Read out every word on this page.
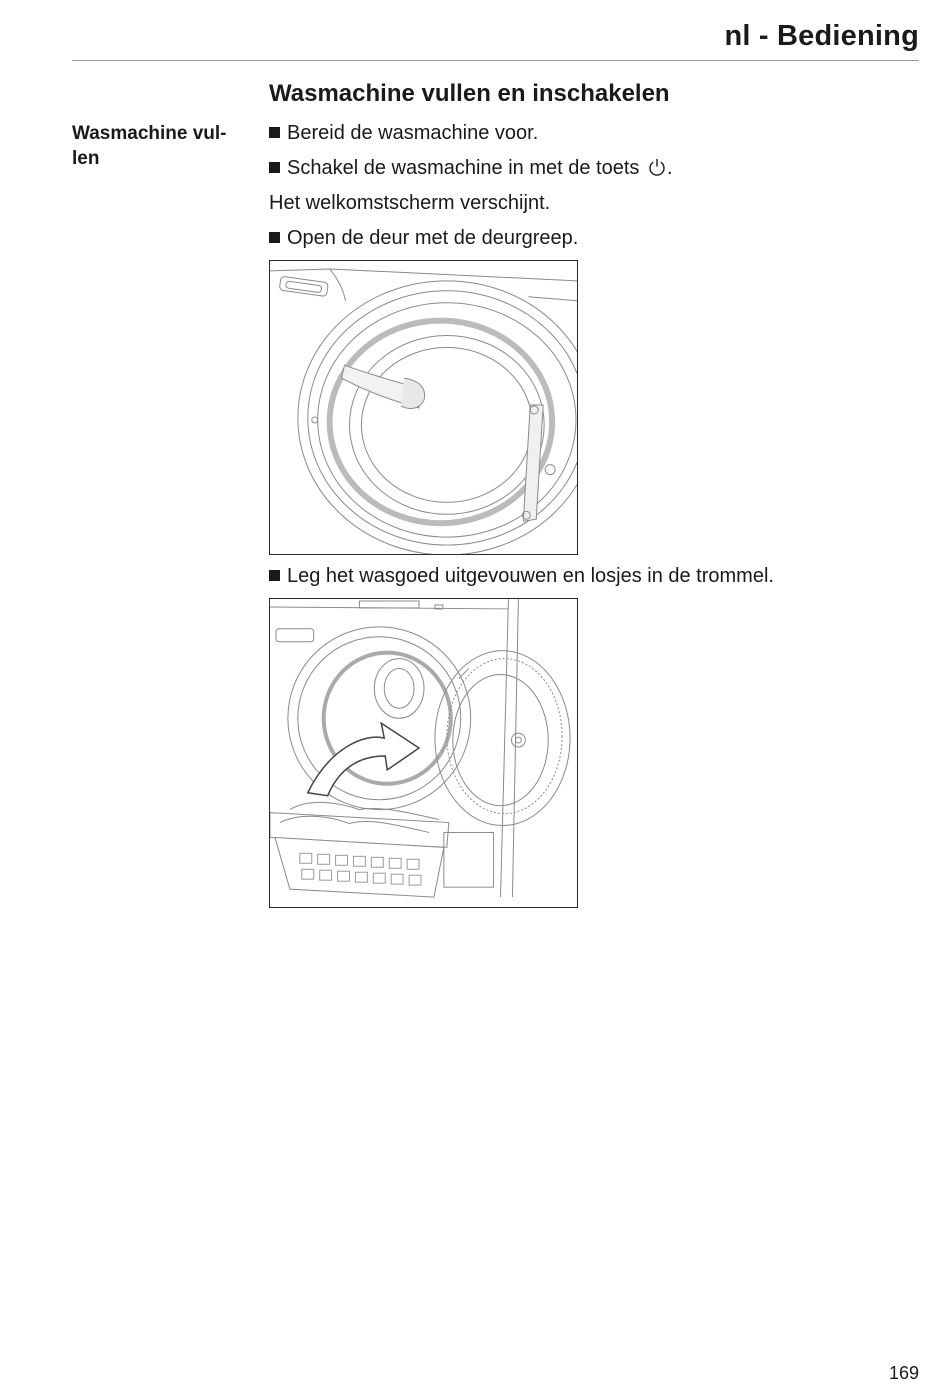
nl - Bediening
Wasmachine vullen en inschakelen
Wasmachine vul-
len
Bereid de wasmachine voor.
Schakel de wasmachine in met de toets .
Het welkomstscherm verschijnt.
Open de deur met de deurgreep.
Leg het wasgoed uitgevouwen en losjes in de trommel.
169
